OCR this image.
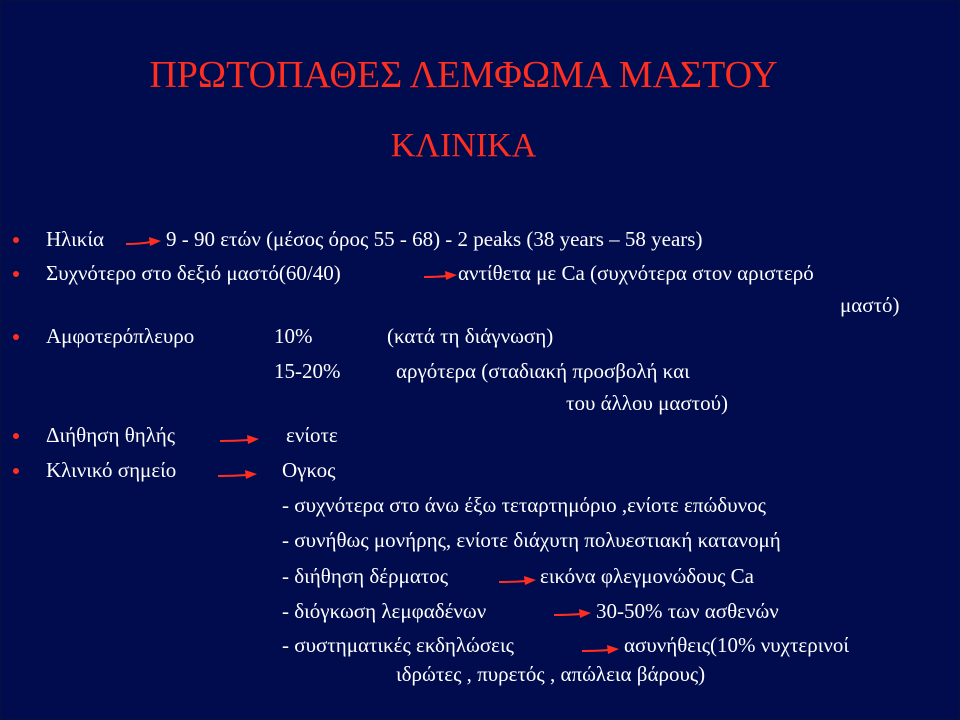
ΠΡΩΤΟΠΑΘΕΣ ΛΕΜΦΩΜΑ ΜΑΣΤΟΥ
ΚΛΙΝΙΚΑ
Ηλικία	9 - 90 ετών (μέσος όρος 55 - 68) - 2 peaks (38 years – 58 years)
Συχνότερο στο δεξιό μαστό(60/40)	αντίθετα με Ca (συχνότερα στον αριστερό
μαστό)
Αμφοτερόπλευρο	10%	(κατά τη διάγνωση)
15-20%	αργότερα (σταδιακή προσβολή και
του άλλου μαστού)
Διήθηση θηλής	ενίοτε
Κλινικό σημείο	Ογκος
- συχνότερα στο άνω έξω τεταρτημόριο ,ενίοτε επώδυνος
- συνήθως μονήρης, ενίοτε διάχυτη πολυεστιακή κατανομή
- διήθηση δέρματος	εικόνα φλεγμονώδους Ca
- διόγκωση λεμφαδένων	30-50% των ασθενών
- συστηματικές εκδηλώσεις	ασυνήθεις(10% νυχτερινοί
ιδρώτες , πυρετός , απώλεια βάρους)
